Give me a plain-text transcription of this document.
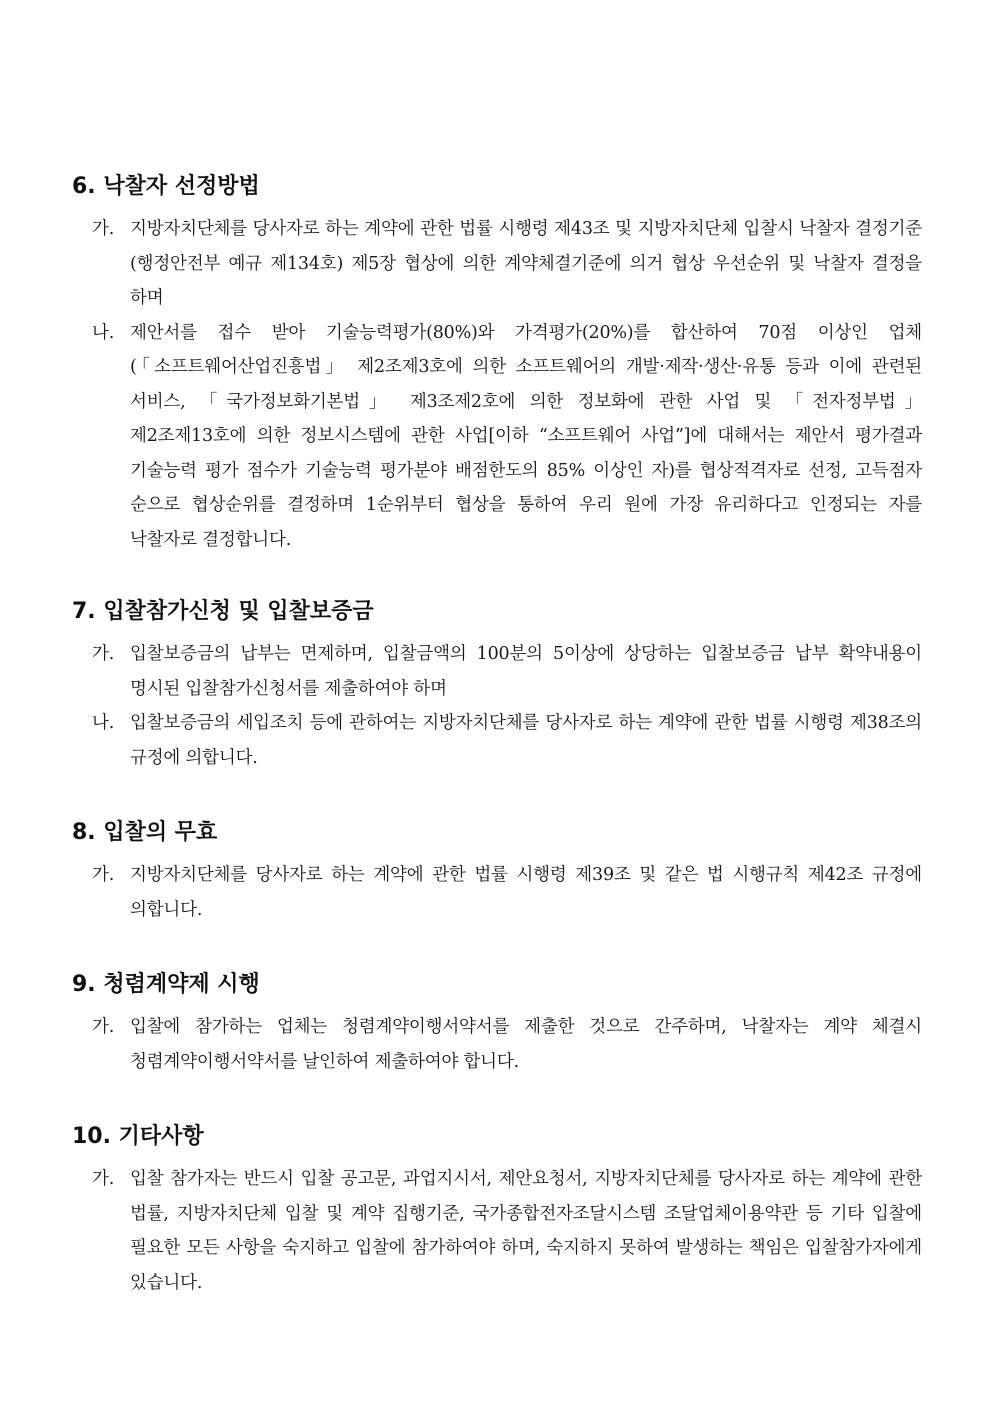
6. 낙찰자 선정방법
가. 지방자치단체를 당사자로 하는 계약에 관한 법률 시행령 제43조 및 지방자치단체 입찰시 낙찰자 결정기준(행정안전부 예규 제134호) 제5장 협상에 의한 계약체결기준에 의거 협상 우선순위 및 낙찰자 결정을 하며
나. 제안서를 접수 받아 기술능력평가(80%)와 가격평가(20%)를 합산하여 70점 이상인 업체(「소프트웨어산업진흥법」 제2조제3호에 의한 소프트웨어의 개발·제작·생산·유통 등과 이에 관련된 서비스, 「국가정보화기본법」 제3조제2호에 의한 정보화에 관한 사업 및 「전자정부법」 제2조제13호에 의한 정보시스템에 관한 사업[이하 “소프트웨어 사업”]에 대해서는 제안서 평가결과 기술능력 평가 점수가 기술능력 평가분야 배점한도의 85% 이상인 자)를 협상적격자로 선정, 고득점자 순으로 협상순위를 결정하며 1순위부터 협상을 통하여 우리 원에 가장 유리하다고 인정되는 자를 낙찰자로 결정합니다.
7. 입찰참가신청 및 입찰보증금
가. 입찰보증금의 납부는 면제하며, 입찰금액의 100분의 5이상에 상당하는 입찰보증금 납부 확약내용이 명시된 입찰참가신청서를 제출하여야 하며
나. 입찰보증금의 세입조치 등에 관하여는 지방자치단체를 당사자로 하는 계약에 관한 법률 시행령 제38조의 규정에 의합니다.
8. 입찰의 무효
가. 지방자치단체를 당사자로 하는 계약에 관한 법률 시행령 제39조 및 같은 법 시행규칙 제42조 규정에 의합니다.
9. 청렴계약제 시행
가. 입찰에 참가하는 업체는 청렴계약이행서약서를 제출한 것으로 간주하며, 낙찰자는 계약 체결시 청렴계약이행서약서를 날인하여 제출하여야 합니다.
10. 기타사항
가. 입찰 참가자는 반드시 입찰 공고문, 과업지시서, 제안요청서, 지방자치단체를 당사자로 하는 계약에 관한 법률, 지방자치단체 입찰 및 계약 집행기준, 국가종합전자조달시스템 조달업체이용약관 등 기타 입찰에 필요한 모든 사항을 숙지하고 입찰에 참가하여야 하며, 숙지하지 못하여 발생하는 책임은 입찰참가자에게 있습니다.
